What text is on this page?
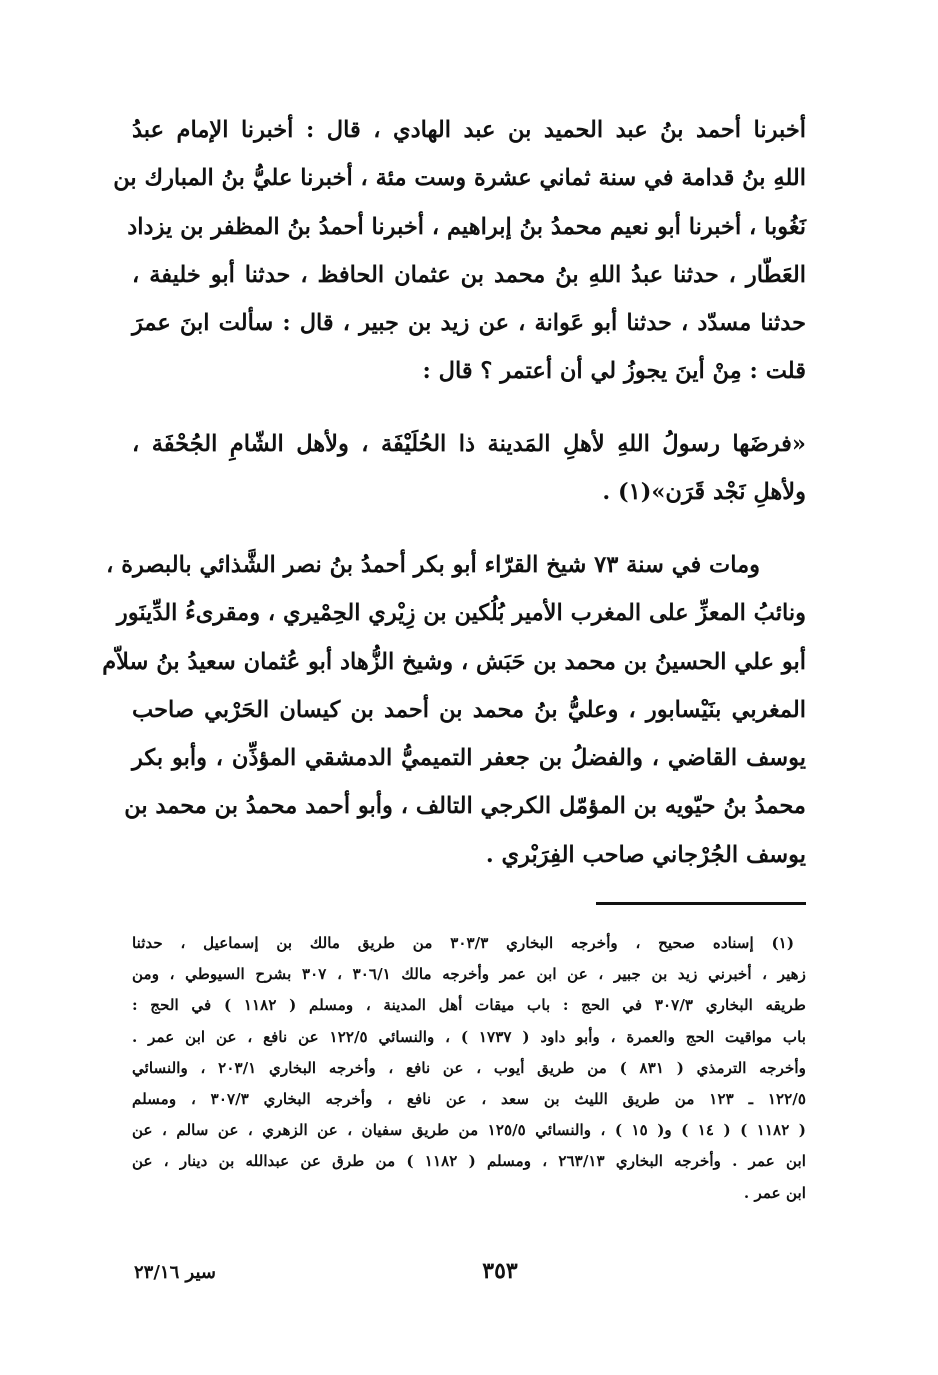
أخبرنا أحمد بنُ عبد الحميد بن عبد الهادي ، قال : أخبرنا الإمام عبدُ
اللهِ بنُ قدامة في سنة ثماني عشرة وست مئة ، أخبرنا عليُّ بنُ المبارك بن
نَغُوبا ، أخبرنا أبو نعيم محمدُ بنُ إبراهيم ، أخبرنا أحمدُ بنُ المظفر بن يزداد
العَطّار ، حدثنا عبدُ اللهِ بنُ محمد بن عثمان الحافظ ، حدثنا أبو خليفة ،
حدثنا مسدّد ، حدثنا أبو عَوانة ، عن زيد بن جبير ، قال : سألت ابنَ عمرَ
قلت : مِنْ أينَ يجوزُ لي أن أعتمر ؟ قال :

«فرضَها رسولُ اللهِ لأهلِ المَدينة ذا الحُلَيْفَة ، ولأهل الشّامِ الجُحْفَة ،
ولأهلِ نَجْد قَرَن»(١) .

ومات في سنة ٧٣ شيخ القرّاء أبو بكر أحمدُ بنُ نصر الشَّذائي بالبصرة ،
ونائبُ المعزِّ على المغرب الأمير بُلُكين بن زِيْري الحِمْيري ، ومقرىءُ الدِّينَور
أبو علي الحسينُ بن محمد بن حَبَش ، وشيخ الزُّهاد أبو عُثمان سعيدُ بنُ سلاّم
المغربي بنَيْسابور ، وعليُّ بنُ محمد بن أحمد بن كيسان الحَرْبي صاحب
يوسف القاضي ، والفضلُ بن جعفر التميميُّ الدمشقي المؤذِّن ، وأبو بكر
محمدُ بنُ حيّويه بن المؤمّل الكرجي التالف ، وأبو أحمد محمدُ بن محمد بن
يوسف الجُرْجاني صاحب الفِرَبْري .

(١) إسناده صحيح ، وأخرجه البخاري ٣٠٣/٣ من طريق مالك بن إسماعيل ، حدثنا
زهير ، أخبرني زيد بن جبير ، عن ابن عمر وأخرجه مالك ٣٠٦/١ ، ٣٠٧ بشرح السيوطي ، ومن
طريقه البخاري ٣٠٧/٣ في الحج : باب ميقات أهل المدينة ، ومسلم ( ١١٨٢ ) في الحج :
باب مواقيت الحج والعمرة ، وأبو داود ( ١٧٣٧ ) ، والنسائي ١٢٢/٥ عن نافع ، عن ابن عمر .
وأخرجه الترمذي ( ٨٣١ ) من طريق أيوب ، عن نافع ، وأخرجه البخاري ٢٠٣/١ ، والنسائي
١٢٢/٥ ـ ١٢٣ من طريق الليث بن سعد ، عن نافع ، وأخرجه البخاري ٣٠٧/٣ ، ومسلم
( ١١٨٢ ) ( ١٤ ) و( ١٥ ) ، والنسائي ١٢٥/٥ من طريق سفيان ، عن الزهري ، عن سالم ، عن
ابن عمر . وأخرجه البخاري ٢٦٣/١٣ ، ومسلم ( ١١٨٢ ) من طرق عن عبدالله بن دينار ، عن
ابن عمر .
٣٥٣
سير ٢٣/١٦
